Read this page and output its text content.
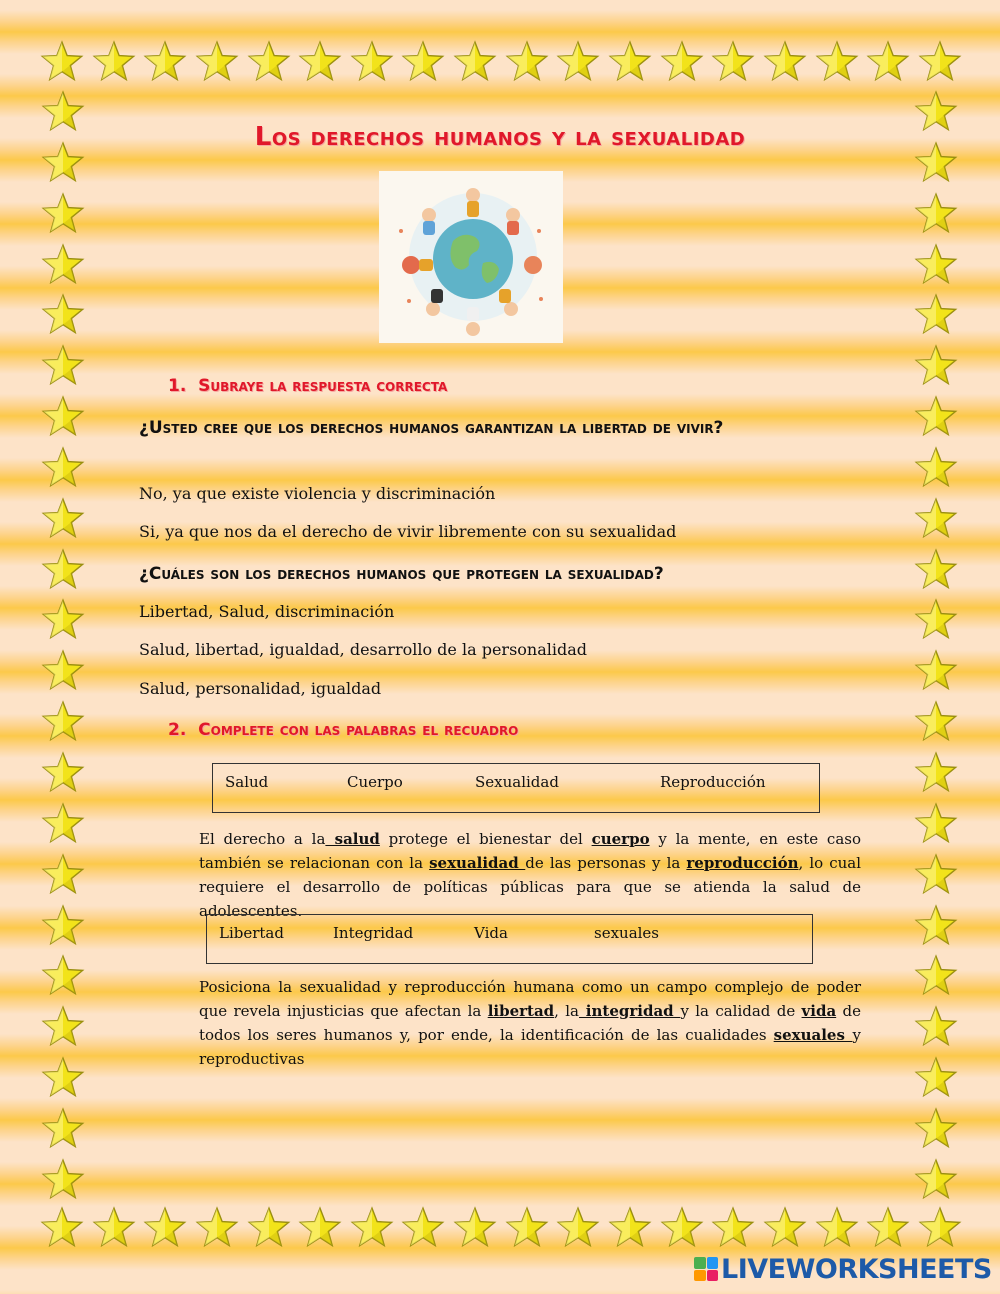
Los derechos humanos y la sexualidad
1. Subraye la respuesta correcta
¿Usted cree que los derechos humanos garantizan la libertad de vivir?
No, ya que existe violencia y discriminación
Si, ya que nos da el derecho de vivir libremente con su sexualidad
¿Cuáles son los derechos humanos que protegen la sexualidad?
Libertad, Salud, discriminación
Salud, libertad, igualdad, desarrollo de la personalidad
Salud, personalidad, igualdad
2. Complete con las palabras el recuadro
Salud	Cuerpo	Sexualidad	Reproducción
El derecho a la salud protege el bienestar del cuerpo y la mente, en este caso también se relacionan con la sexualidad de las personas y la reproducción, lo cual requiere el desarrollo de políticas públicas para que se atienda la salud de adolescentes.
Libertad	Integridad	Vida	sexuales
Posiciona la sexualidad y reproducción humana como un campo complejo de poder que revela injusticias que afectan la libertad, la integridad y la calidad de vida de todos los seres humanos y, por ende, la identificación de las cualidades sexuales y reproductivas
LIVEWORKSHEETS
